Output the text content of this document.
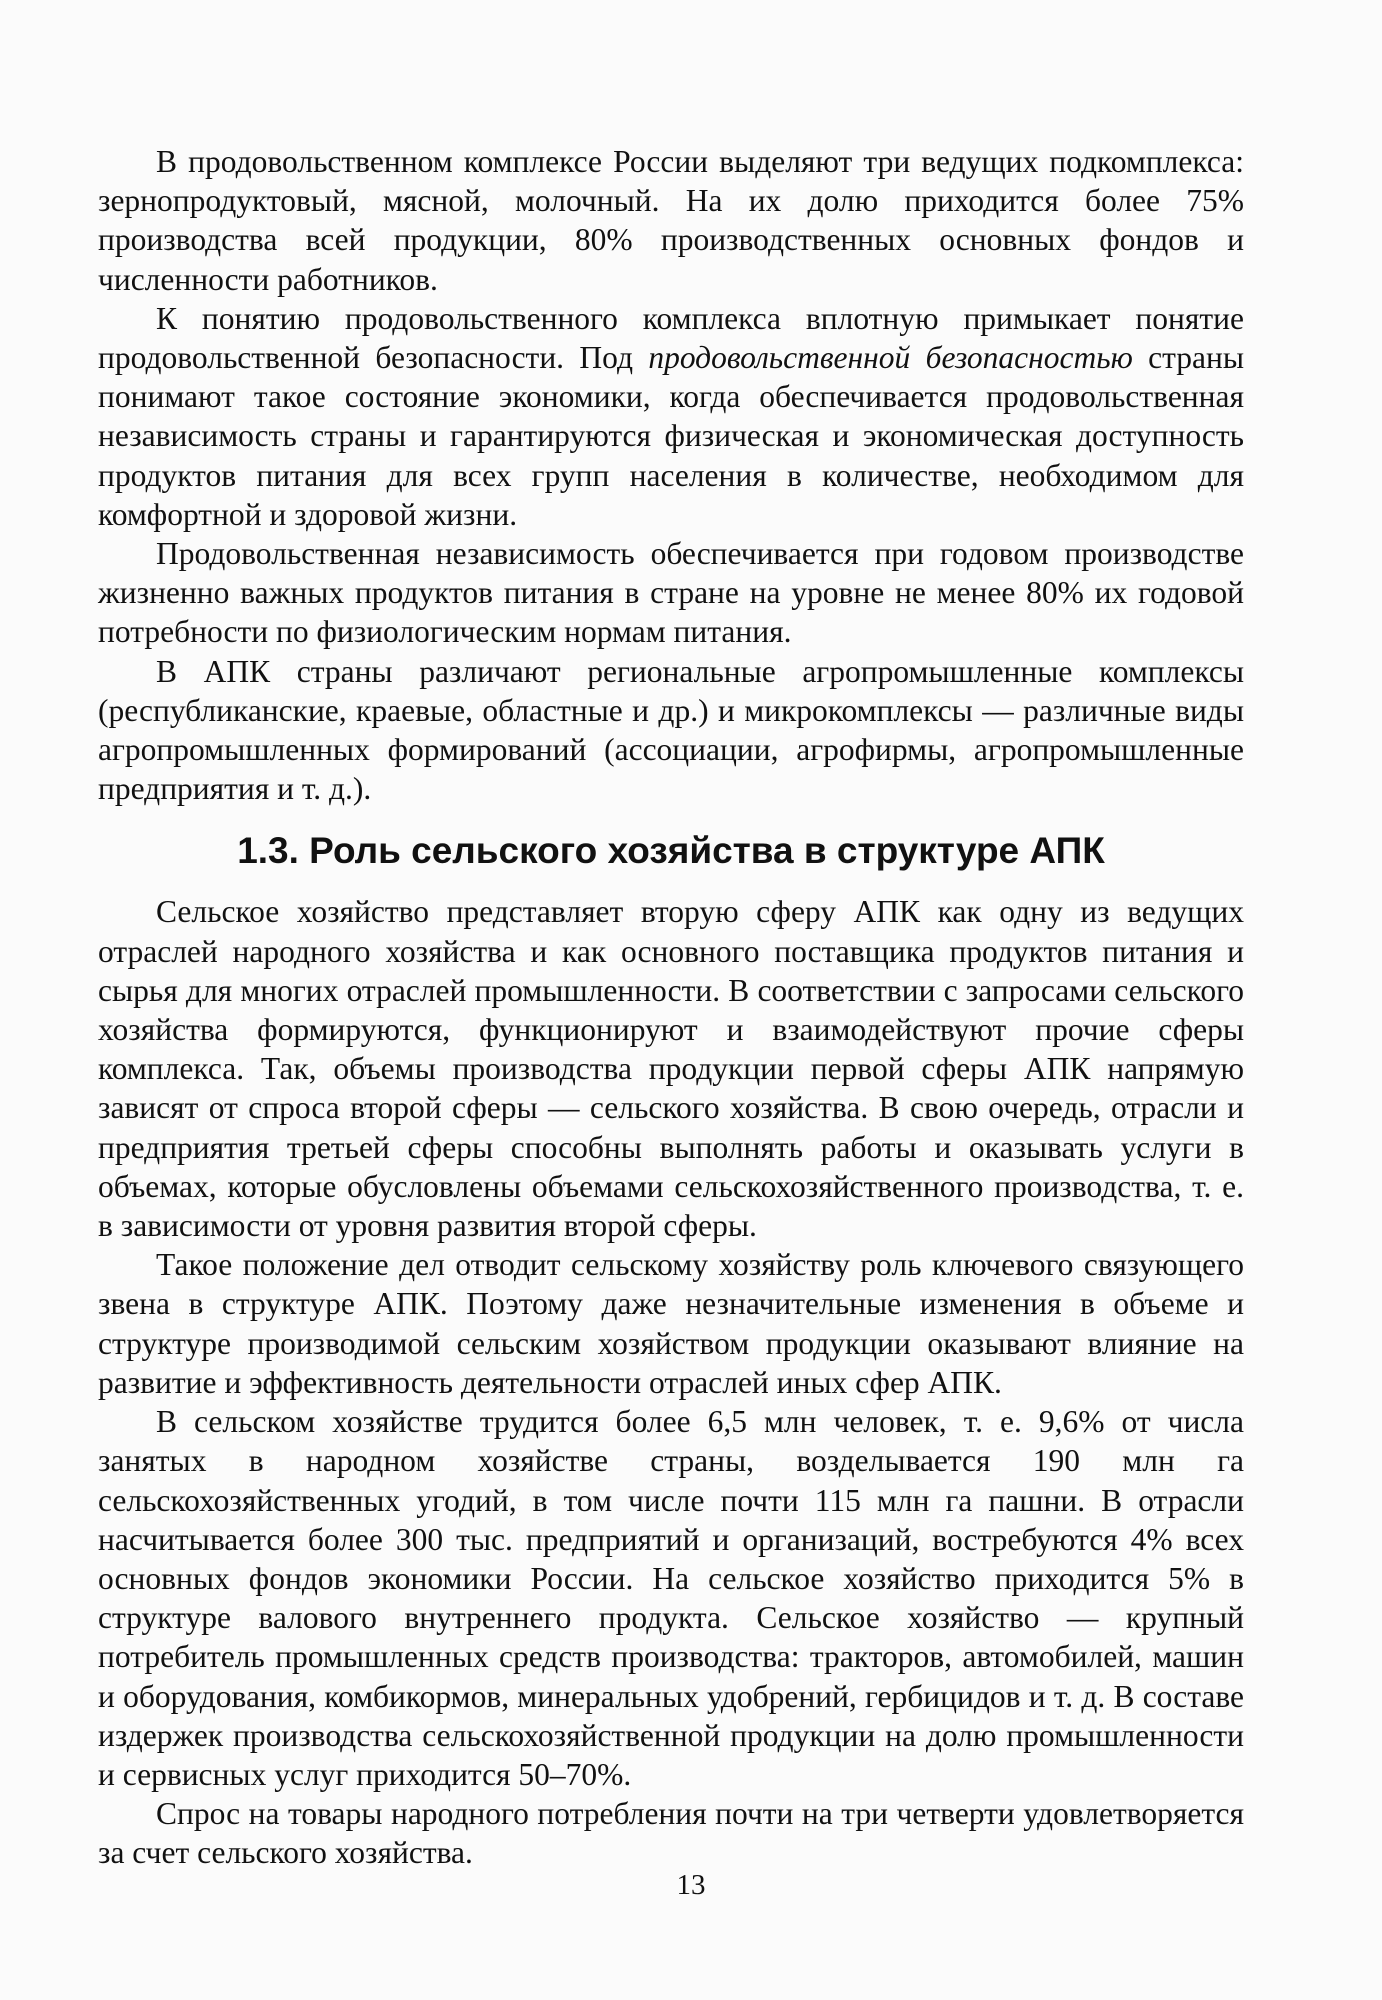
В продовольственном комплексе России выделяют три ведущих подкомплекса: зернопродуктовый, мясной, молочный. На их долю приходится более 75% производства всей продукции, 80% производственных основных фондов и численности работников.

К понятию продовольственного комплекса вплотную примыкает понятие продовольственной безопасности. Под продовольственной безопасностью страны понимают такое состояние экономики, когда обеспечивается продовольственная независимость страны и гарантируются физическая и экономическая доступность продуктов питания для всех групп населения в количестве, необходимом для комфортной и здоровой жизни.

Продовольственная независимость обеспечивается при годовом производстве жизненно важных продуктов питания в стране на уровне не менее 80% их годовой потребности по физиологическим нормам питания.

В АПК страны различают региональные агропромышленные комплексы (республиканские, краевые, областные и др.) и микрокомплексы — различные виды агропромышленных формирований (ассоциации, агрофирмы, агропромышленные предприятия и т. д.).

1.3. Роль сельского хозяйства в структуре АПК

Сельское хозяйство представляет вторую сферу АПК как одну из ведущих отраслей народного хозяйства и как основного поставщика продуктов питания и сырья для многих отраслей промышленности. В соответствии с запросами сельского хозяйства формируются, функционируют и взаимодействуют прочие сферы комплекса. Так, объемы производства продукции первой сферы АПК напрямую зависят от спроса второй сферы — сельского хозяйства. В свою очередь, отрасли и предприятия третьей сферы способны выполнять работы и оказывать услуги в объемах, которые обусловлены объемами сельскохозяйственного производства, т. е. в зависимости от уровня развития второй сферы.

Такое положение дел отводит сельскому хозяйству роль ключевого связующего звена в структуре АПК. Поэтому даже незначительные изменения в объеме и структуре производимой сельским хозяйством продукции оказывают влияние на развитие и эффективность деятельности отраслей иных сфер АПК.

В сельском хозяйстве трудится более 6,5 млн человек, т. е. 9,6% от числа занятых в народном хозяйстве страны, возделывается 190 млн га сельскохозяйственных угодий, в том числе почти 115 млн га пашни. В отрасли насчитывается более 300 тыс. предприятий и организаций, востребуются 4% всех основных фондов экономики России. На сельское хозяйство приходится 5% в структуре валового внутреннего продукта. Сельское хозяйство — крупный потребитель промышленных средств производства: тракторов, автомобилей, машин и оборудования, комбикормов, минеральных удобрений, гербицидов и т. д. В составе издержек производства сельскохозяйственной продукции на долю промышленности и сервисных услуг приходится 50–70%.

Спрос на товары народного потребления почти на три четверти удовлетворяется за счет сельского хозяйства.

13
